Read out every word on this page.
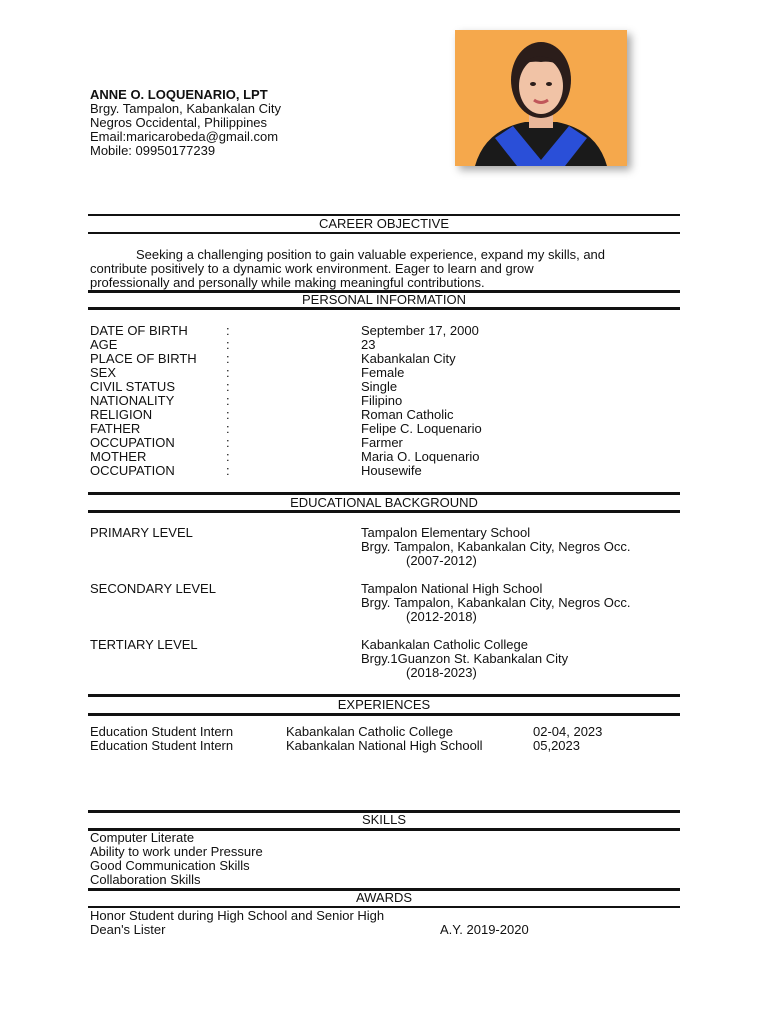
ANNE O. LOQUENARIO, LPT
Brgy. Tampalon, Kabankalan City
Negros Occidental, Philippines
Email:maricarobeda@gmail.com
Mobile: 09950177239
CAREER OBJECTIVE
Seeking a challenging position to gain valuable experience, expand my skills, and
contribute positively to a dynamic work environment. Eager to learn and grow
professionally and personally while making meaningful contributions.
PERSONAL INFORMATION
DATE OF BIRTH	:	September 17, 2000
AGE	:	23
PLACE OF BIRTH :	Kabankalan City
SEX	:	Female
CIVIL STATUS	:	Single
NATIONALITY	:	Filipino
RELIGION	:	Roman Catholic
FATHER	:	Felipe C. Loquenario
OCCUPATION	:	Farmer
MOTHER	:	Maria O. Loquenario
OCCUPATION	:	Housewife
EDUCATIONAL BACKGROUND
PRIMARY LEVEL	Tampalon Elementary School
Brgy. Tampalon, Kabankalan City, Negros Occ.
(2007-2012)
SECONDARY LEVEL	Tampalon National High School
Brgy. Tampalon, Kabankalan City, Negros Occ.
(2012-2018)
TERTIARY LEVEL	Kabankalan Catholic College
Brgy.1Guanzon St. Kabankalan City
(2018-2023)
EXPERIENCES
Education Student Intern	Kabankalan Catholic College	02-04, 2023
Education Student Intern	Kabankalan National High Schooll	05,2023
SKILLS
Computer Literate
Ability to work under Pressure
Good Communication Skills
Collaboration Skills
AWARDS
Honor Student during High School and Senior High
Dean's Lister	A.Y. 2019-2020
